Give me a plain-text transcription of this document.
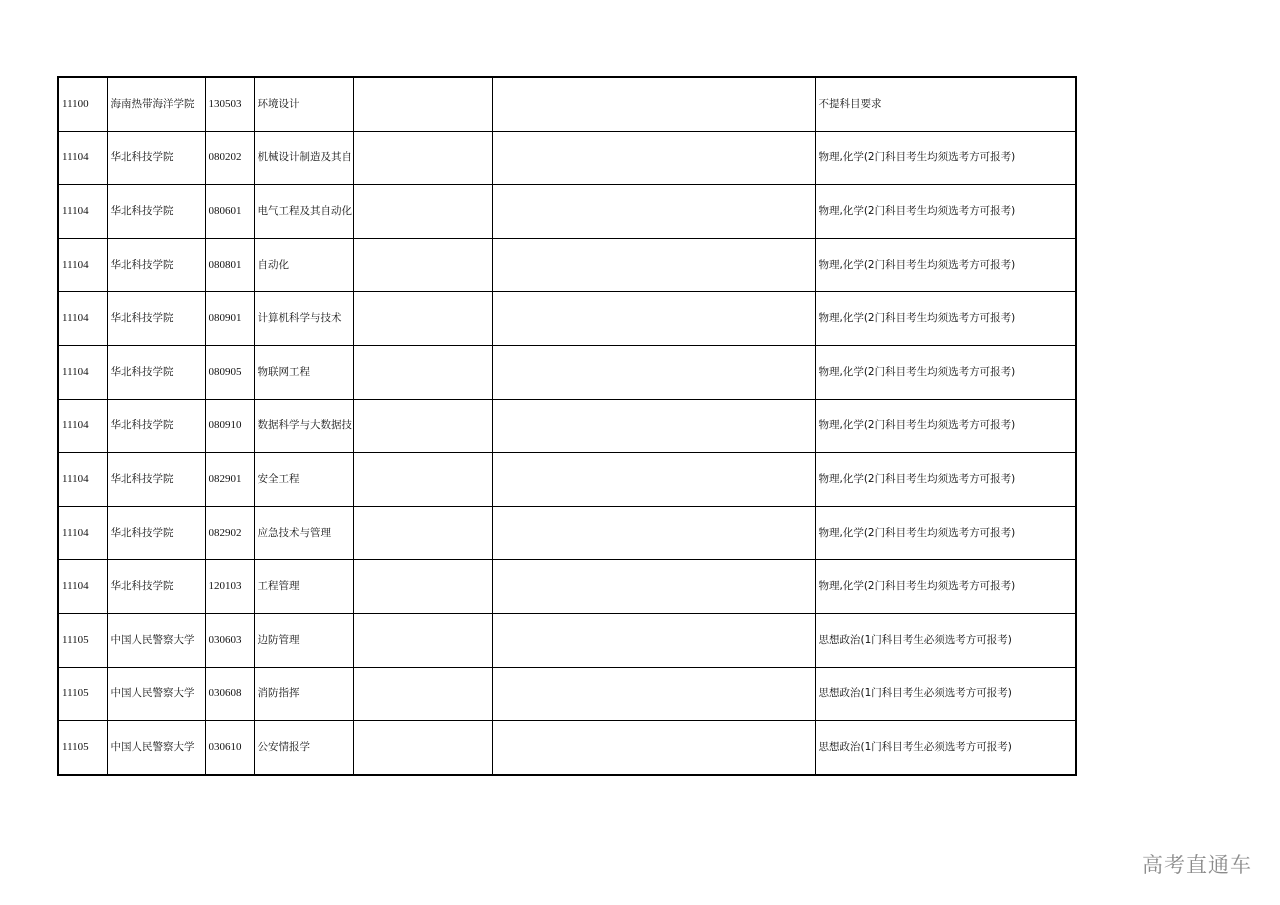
11100	海南热带海洋学院	130503	环境设计			不提科目要求
11104	华北科技学院	080202	机械设计制造及其自			物理,化学(2门科目考生均须选考方可报考)
11104	华北科技学院	080601	电气工程及其自动化			物理,化学(2门科目考生均须选考方可报考)
11104	华北科技学院	080801	自动化			物理,化学(2门科目考生均须选考方可报考)
11104	华北科技学院	080901	计算机科学与技术			物理,化学(2门科目考生均须选考方可报考)
11104	华北科技学院	080905	物联网工程			物理,化学(2门科目考生均须选考方可报考)
11104	华北科技学院	080910	数据科学与大数据技			物理,化学(2门科目考生均须选考方可报考)
11104	华北科技学院	082901	安全工程			物理,化学(2门科目考生均须选考方可报考)
11104	华北科技学院	082902	应急技术与管理			物理,化学(2门科目考生均须选考方可报考)
11104	华北科技学院	120103	工程管理			物理,化学(2门科目考生均须选考方可报考)
11105	中国人民警察大学	030603	边防管理			思想政治(1门科目考生必须选考方可报考)
11105	中国人民警察大学	030608	消防指挥			思想政治(1门科目考生必须选考方可报考)
11105	中国人民警察大学	030610	公安情报学			思想政治(1门科目考生必须选考方可报考)
高考直通车
